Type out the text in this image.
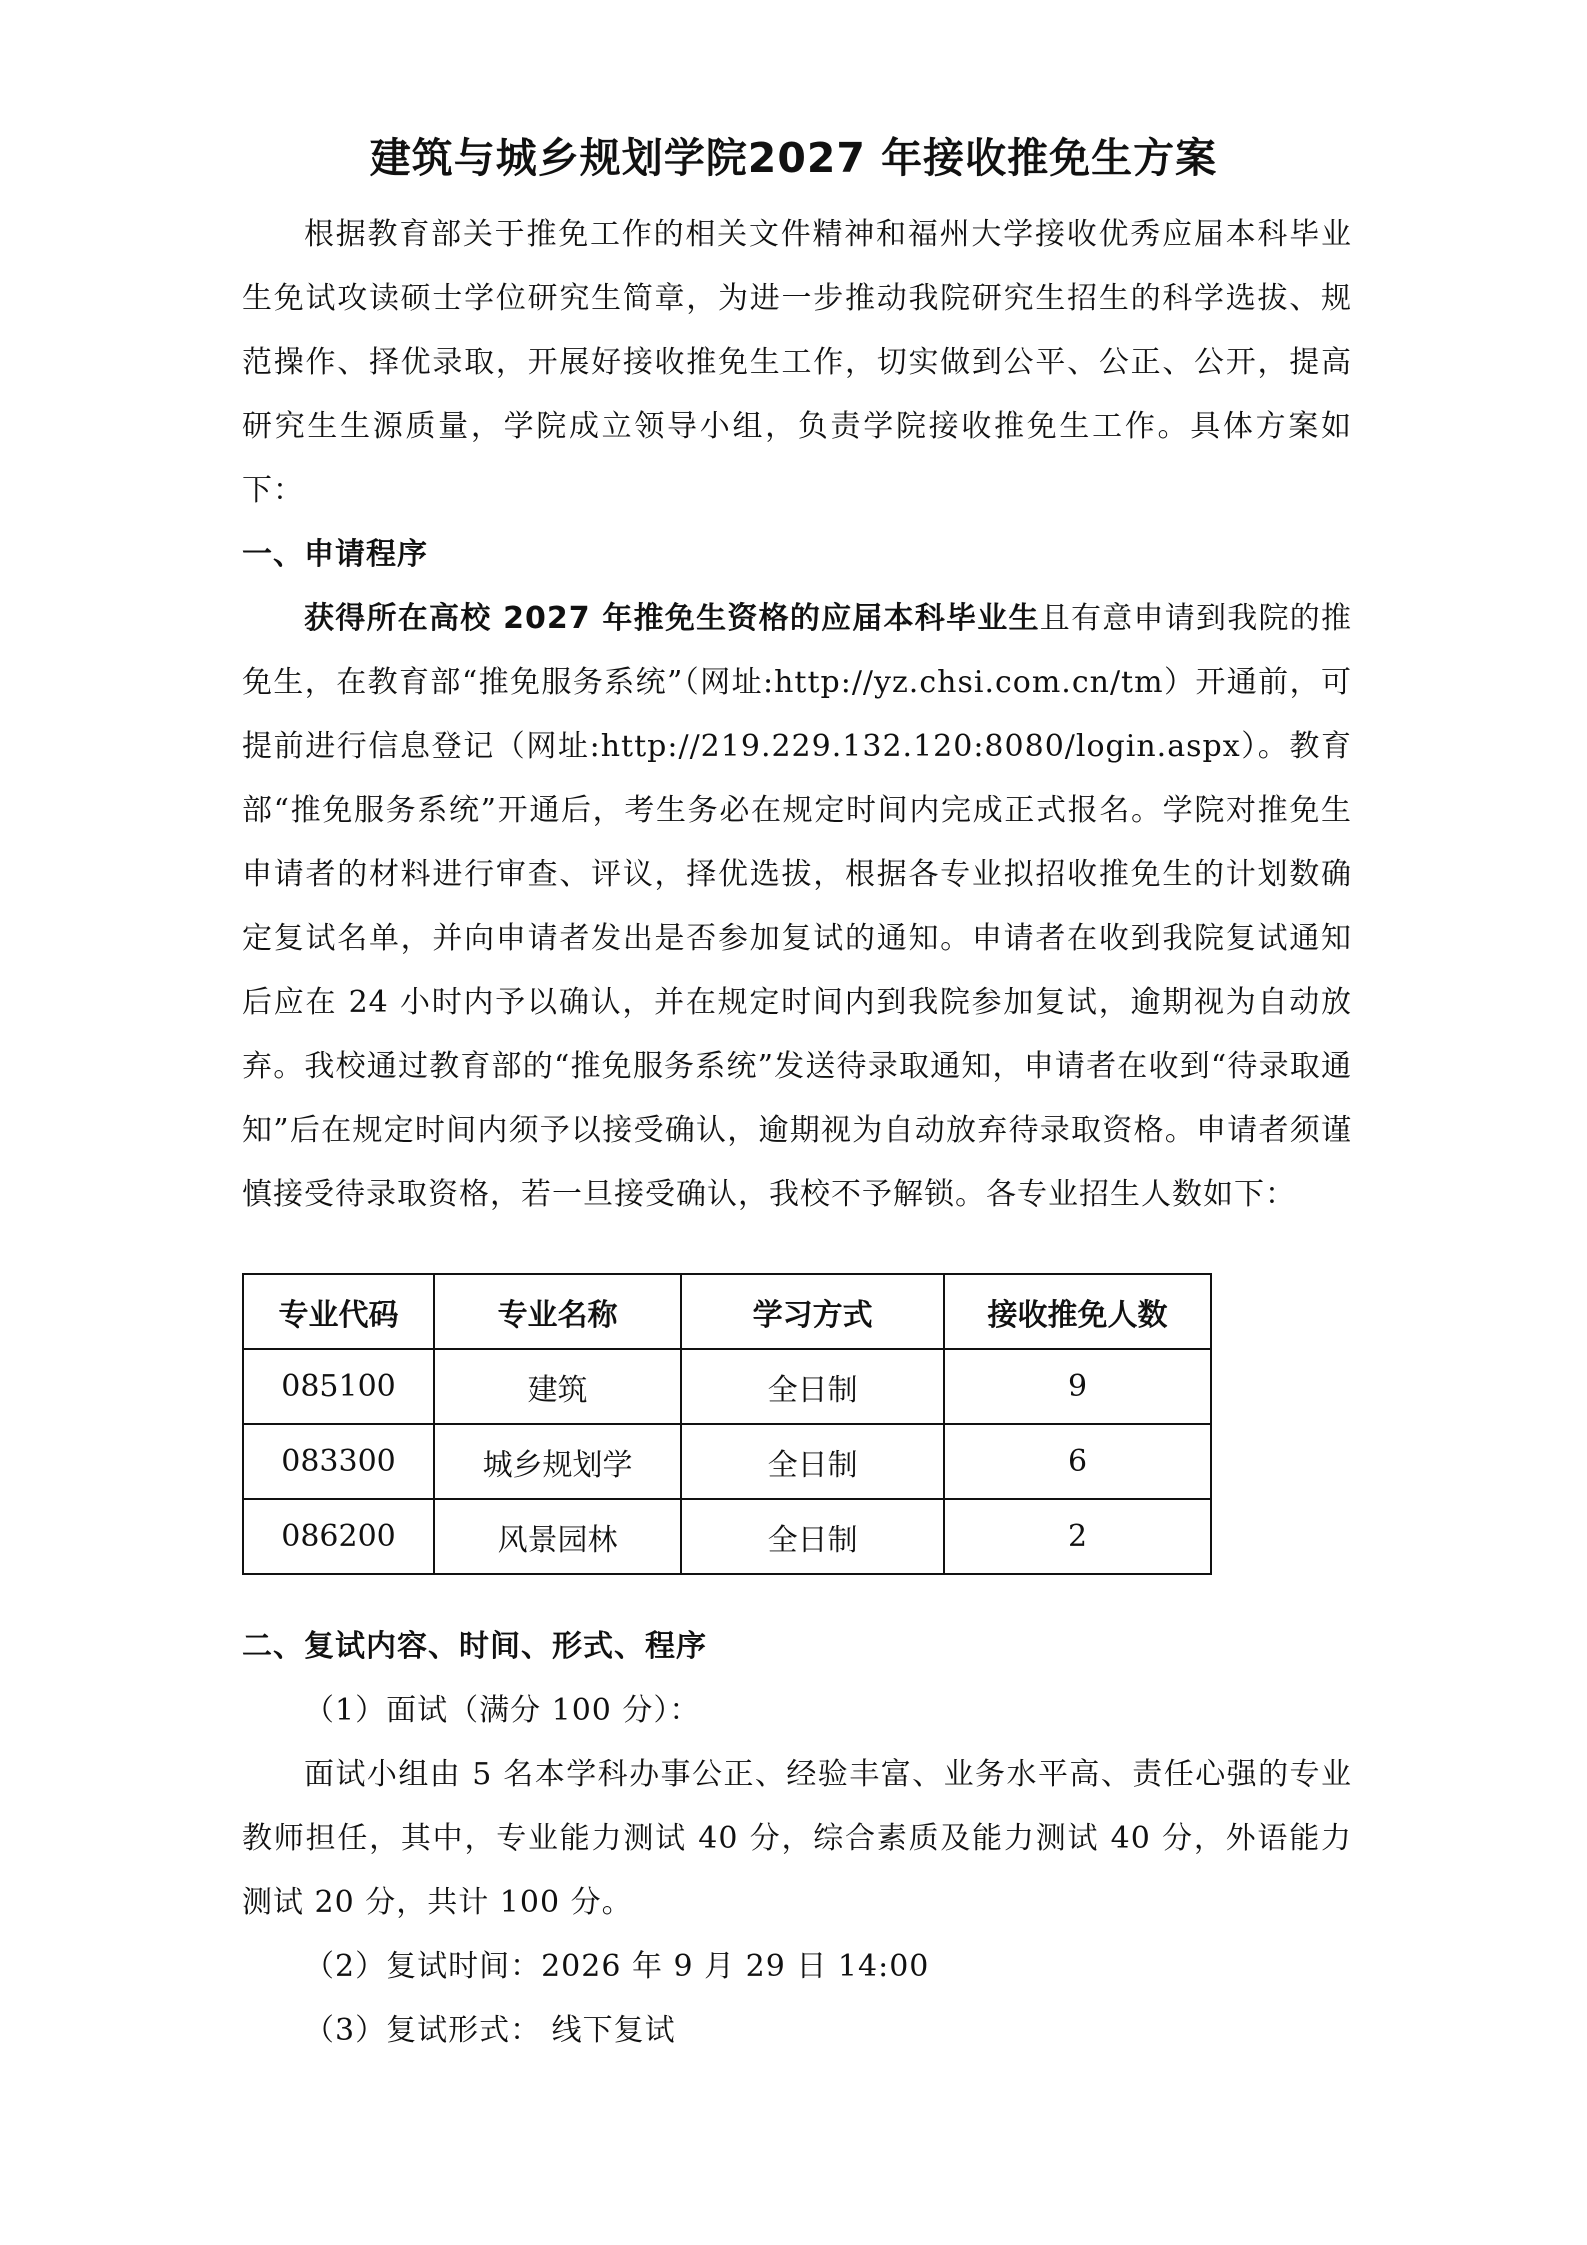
建筑与城乡规划学院2027 年接收推免生方案

根据教育部关于推免工作的相关文件精神和福州大学接收优秀应届本科毕业生免试攻读硕士学位研究生简章，为进一步推动我院研究生招生的科学选拔、规范操作、择优录取，开展好接收推免生工作，切实做到公平、公正、公开，提高研究生生源质量，学院成立领导小组，负责学院接收推免生工作。具体方案如下：

一、申请程序

获得所在高校 2027 年推免生资格的应届本科毕业生且有意申请到我院的推免生，在教育部“推免服务系统”（网址:http://yz.chsi.com.cn/tm）开通前，可提前进行信息登记（网址:http://219.229.132.120:8080/login.aspx）。教育部“推免服务系统”开通后，考生务必在规定时间内完成正式报名。学院对推免生申请者的材料进行审查、评议，择优选拔，根据各专业拟招收推免生的计划数确定复试名单，并向申请者发出是否参加复试的通知。申请者在收到我院复试通知后应在 24 小时内予以确认，并在规定时间内到我院参加复试，逾期视为自动放弃。我校通过教育部的“推免服务系统”发送待录取通知，申请者在收到“待录取通知”后在规定时间内须予以接受确认，逾期视为自动放弃待录取资格。申请者须谨慎接受待录取资格，若一旦接受确认，我校不予解锁。各专业招生人数如下：

专业代码	专业名称	学习方式	接收推免人数
085100	建筑	全日制	9
083300	城乡规划学	全日制	6
086200	风景园林	全日制	2

二、复试内容、时间、形式、程序

（1）面试（满分 100 分）：

面试小组由 5 名本学科办事公正、经验丰富、业务水平高、责任心强的专业教师担任，其中，专业能力测试 40 分，综合素质及能力测试 40 分，外语能力测试 20 分，共计 100 分。

（2）复试时间：2026 年 9 月 29 日 14:00

（3）复试形式： 线下复试
